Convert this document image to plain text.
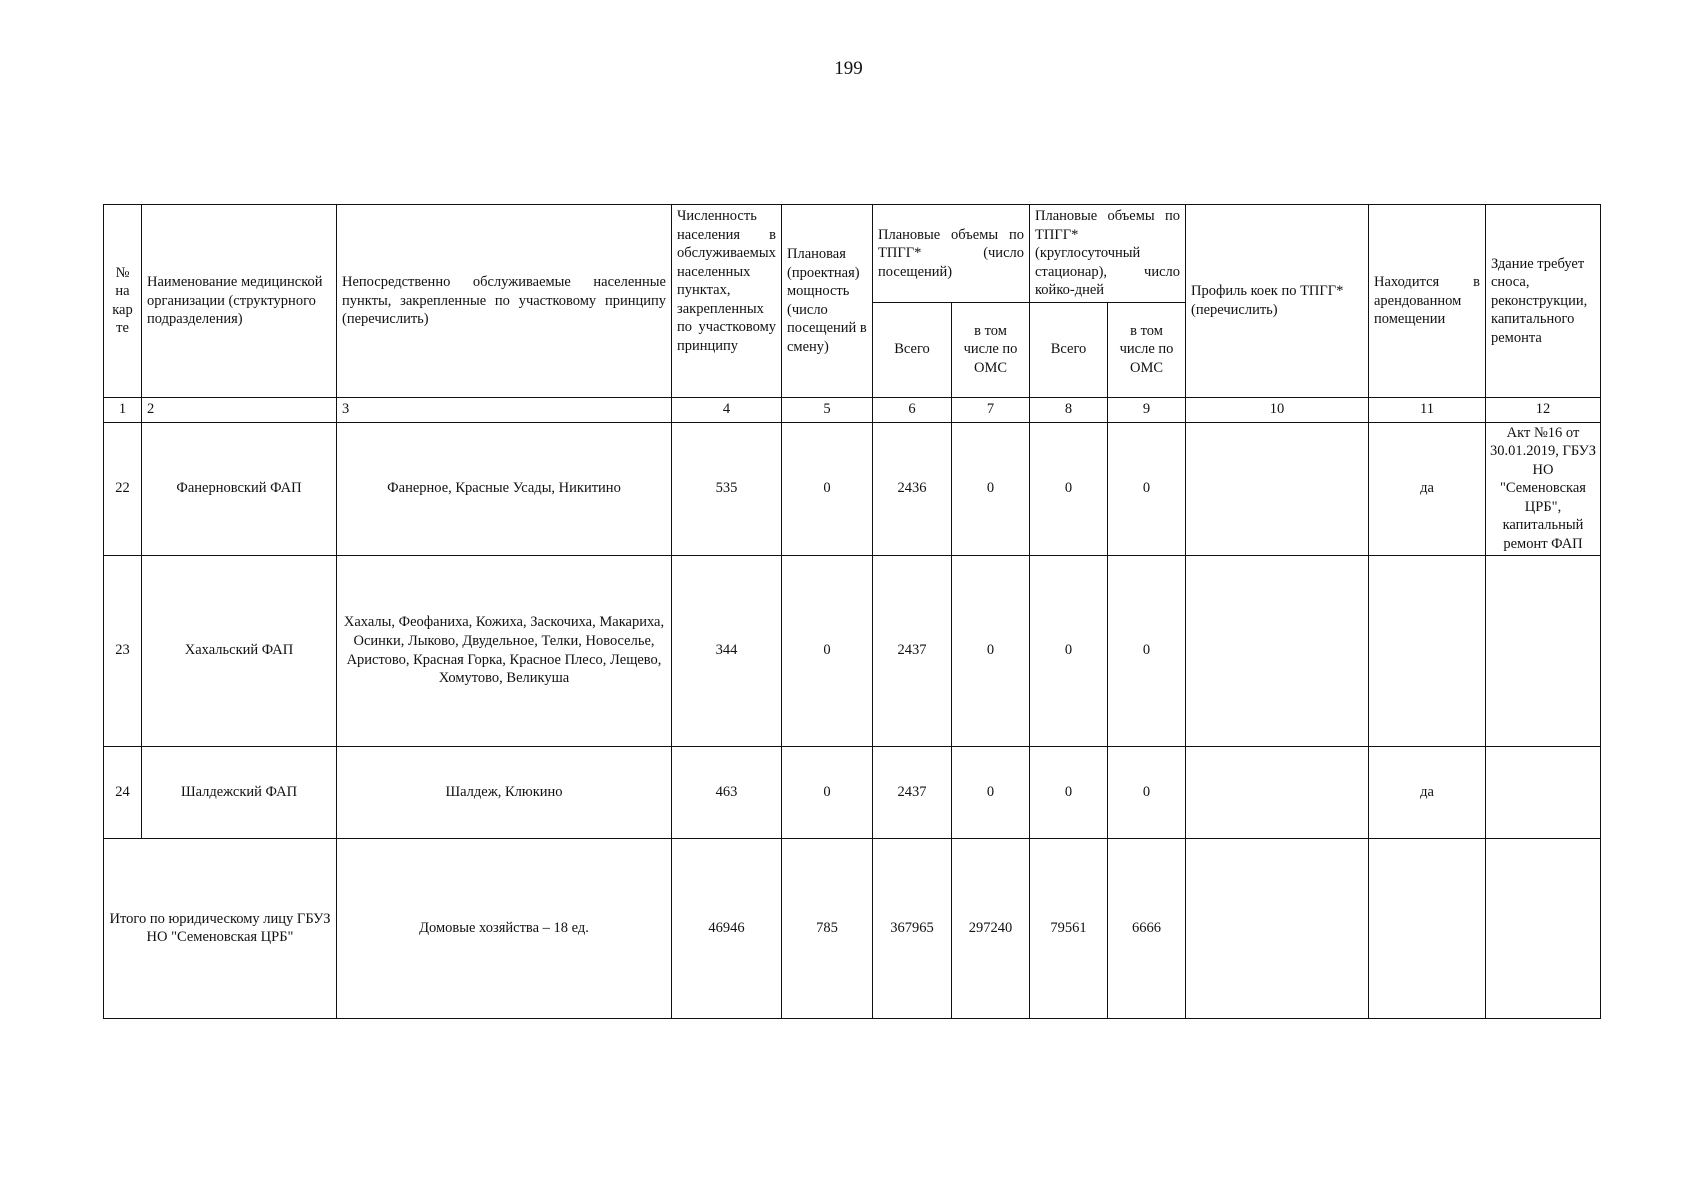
199
№ на кар те	Наименование медицинской организации (структурного подразделения)	Непосредственно обслуживаемые населенные пункты, закрепленные по участковому принципу (перечислить)	Численность населения в обслуживаемых населенных пунктах, закрепленных по участковому принципу	Плановая (проектная) мощность (число посещений в смену)	Плановые объемы по ТПГГ* (число посещений)		Плановые объемы по ТПГГ* (круглосуточный стационар), число койко-дней		Профиль коек по ТПГГ* (перечислить)	Находится в арендованном помещении	Здание требует сноса, реконструкции, капитального ремонта
					Всего	в том числе по ОМС	Всего	в том числе по ОМС			
1	2	3	4	5	6	7	8	9	10	11	12
22	Фанерновский ФАП	Фанерное, Красные Усады, Никитино	535	0	2436	0	0	0		да	Акт №16 от 30.01.2019, ГБУЗ НО "Семеновская ЦРБ", капитальный ремонт ФАП
23	Хахальский ФАП	Хахалы, Феофаниха, Кожиха, Заскочиха, Макариха, Осинки, Лыково, Двудельное, Телки, Новоселье, Аристово, Красная Горка, Красное Плесо, Лещево, Хомутово, Великуша	344	0	2437	0	0	0			
24	Шалдежский ФАП	Шалдеж, Клюкино	463	0	2437	0	0	0		да	
Итого по юридическому лицу ГБУЗ НО "Семеновская ЦРБ"		Домовые хозяйства – 18 ед.	46946	785	367965	297240	79561	6666			
